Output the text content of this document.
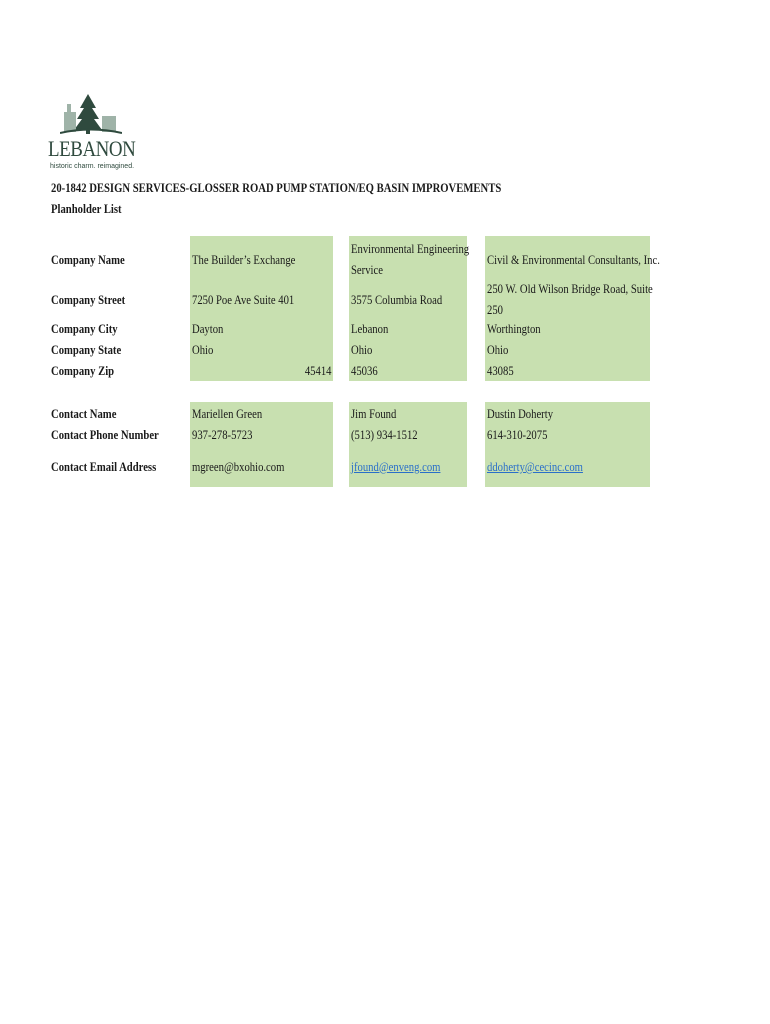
LEBANON
historic charm. reimagined.
20-1842 DESIGN SERVICES-GLOSSER ROAD PUMP STATION/EQ BASIN IMPROVEMENTS
Planholder List
Company Name
Company Street
Company City
Company State
Company Zip
Contact Name
Contact Phone Number
Contact Email Address
The Builder’s Exchange
7250 Poe Ave Suite 401
Dayton
Ohio
45414
Mariellen Green
937-278-5723
mgreen@bxohio.com
Environmental Engineering
Service
3575 Columbia Road
Lebanon
Ohio
45036
Jim Found
(513) 934-1512
jfound@enveng.com
Civil & Environmental Consultants, Inc.
250 W. Old Wilson Bridge Road, Suite
250
Worthington
Ohio
43085
Dustin Doherty
614-310-2075
ddoherty@cecinc.com
